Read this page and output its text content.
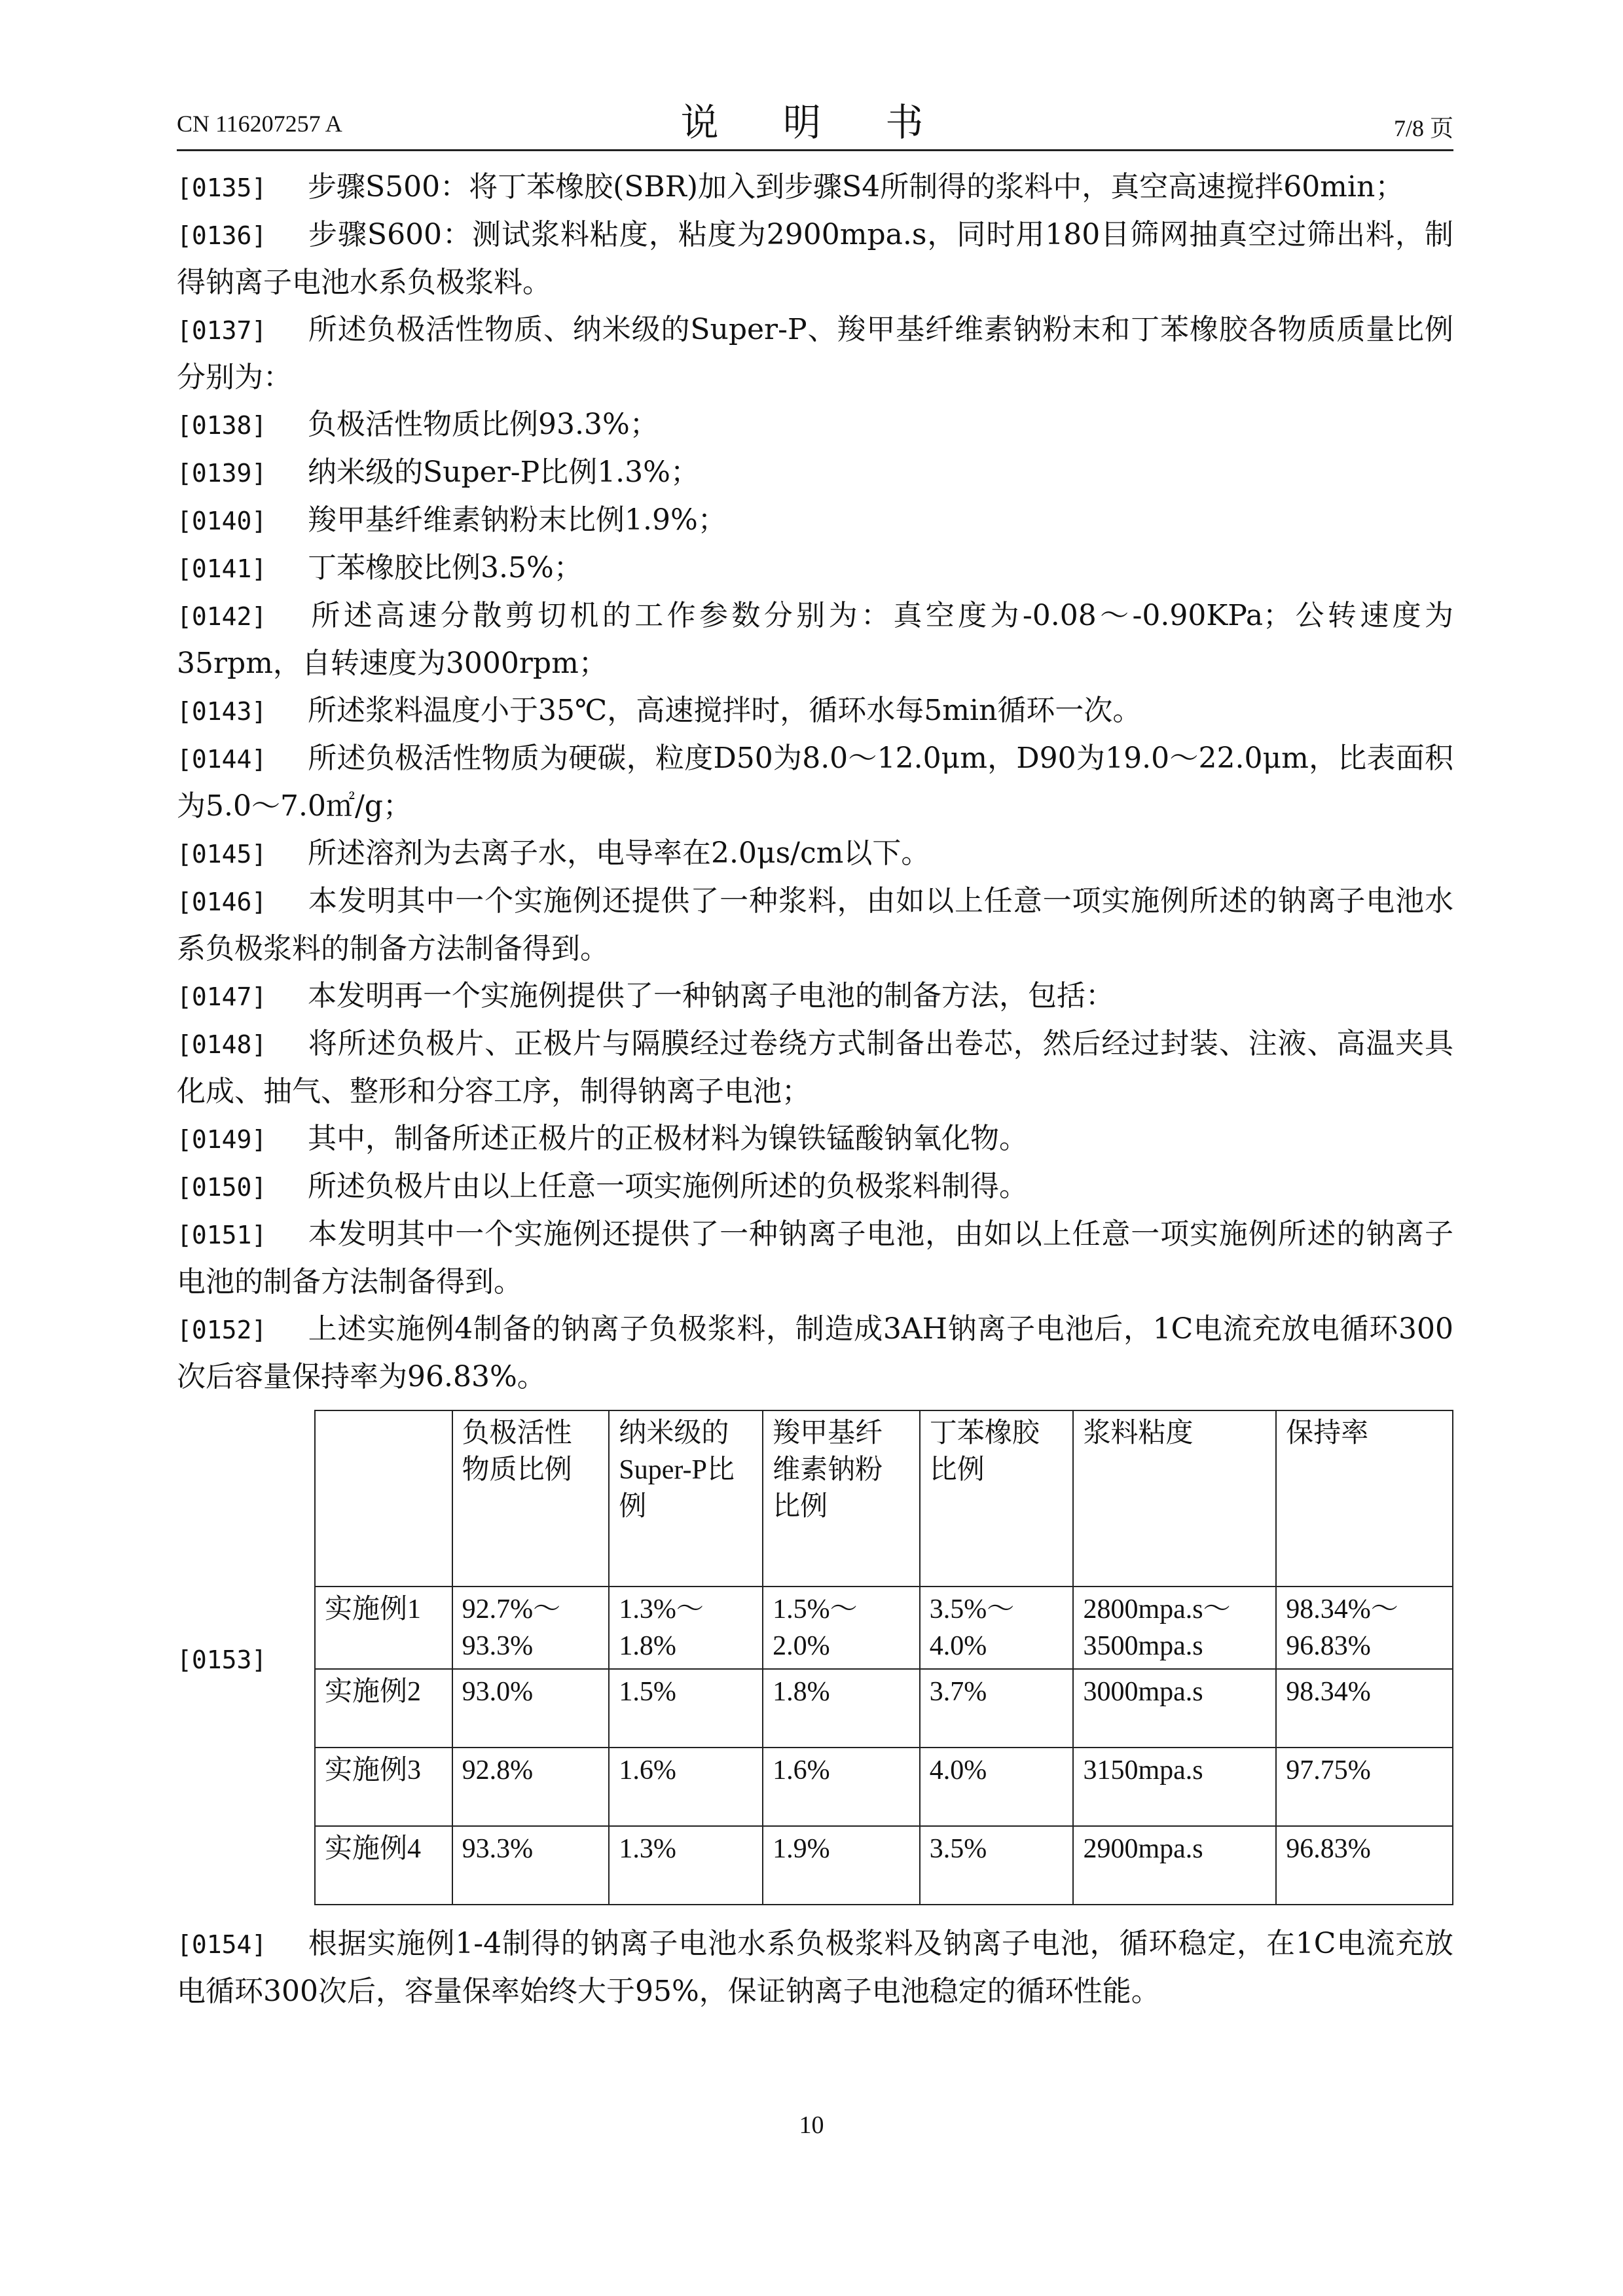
CN 116207257 A	说 明 书	7/8 页
[0135] 步骤S500：将丁苯橡胶(SBR)加入到步骤S4所制得的浆料中，真空高速搅拌60min；
[0136] 步骤S600：测试浆料粘度，粘度为2900mpa.s，同时用180目筛网抽真空过筛出料，制得钠离子电池水系负极浆料。
[0137] 所述负极活性物质、纳米级的Super-P、羧甲基纤维素钠粉末和丁苯橡胶各物质质量比例分别为：
[0138] 负极活性物质比例93.3%；
[0139] 纳米级的Super-P比例1.3%；
[0140] 羧甲基纤维素钠粉末比例1.9%；
[0141] 丁苯橡胶比例3.5%；
[0142] 所述高速分散剪切机的工作参数分别为：真空度为-0.08～-0.90KPa；公转速度为35rpm，自转速度为3000rpm；
[0143] 所述浆料温度小于35℃，高速搅拌时，循环水每5min循环一次。
[0144] 所述负极活性物质为硬碳，粒度D50为8.0～12.0μm，D90为19.0～22.0μm，比表面积为5.0～7.0㎡/g；
[0145] 所述溶剂为去离子水，电导率在2.0μs/cm以下。
[0146] 本发明其中一个实施例还提供了一种浆料，由如以上任意一项实施例所述的钠离子电池水系负极浆料的制备方法制备得到。
[0147] 本发明再一个实施例提供了一种钠离子电池的制备方法，包括：
[0148] 将所述负极片、正极片与隔膜经过卷绕方式制备出卷芯，然后经过封装、注液、高温夹具化成、抽气、整形和分容工序，制得钠离子电池；
[0149] 其中，制备所述正极片的正极材料为镍铁锰酸钠氧化物。
[0150] 所述负极片由以上任意一项实施例所述的负极浆料制得。
[0151] 本发明其中一个实施例还提供了一种钠离子电池，由如以上任意一项实施例所述的钠离子电池的制备方法制备得到。
[0152] 上述实施例4制备的钠离子负极浆料，制造成3AH钠离子电池后，1C电流充放电循环300次后容量保持率为96.83%。
[0153]
	负极活性物质比例	纳米级的Super-P比例	羧甲基纤维素钠粉比例	丁苯橡胶比例	浆料粘度	保持率
实施例1	92.7%～93.3%	1.3%～1.8%	1.5%～2.0%	3.5%～4.0%	2800mpa.s～3500mpa.s	98.34%～96.83%
实施例2	93.0%	1.5%	1.8%	3.7%	3000mpa.s	98.34%
实施例3	92.8%	1.6%	1.6%	4.0%	3150mpa.s	97.75%
实施例4	93.3%	1.3%	1.9%	3.5%	2900mpa.s	96.83%
[0154] 根据实施例1-4制得的钠离子电池水系负极浆料及钠离子电池，循环稳定，在1C电流充放电循环300次后，容量保率始终大于95%，保证钠离子电池稳定的循环性能。
10
